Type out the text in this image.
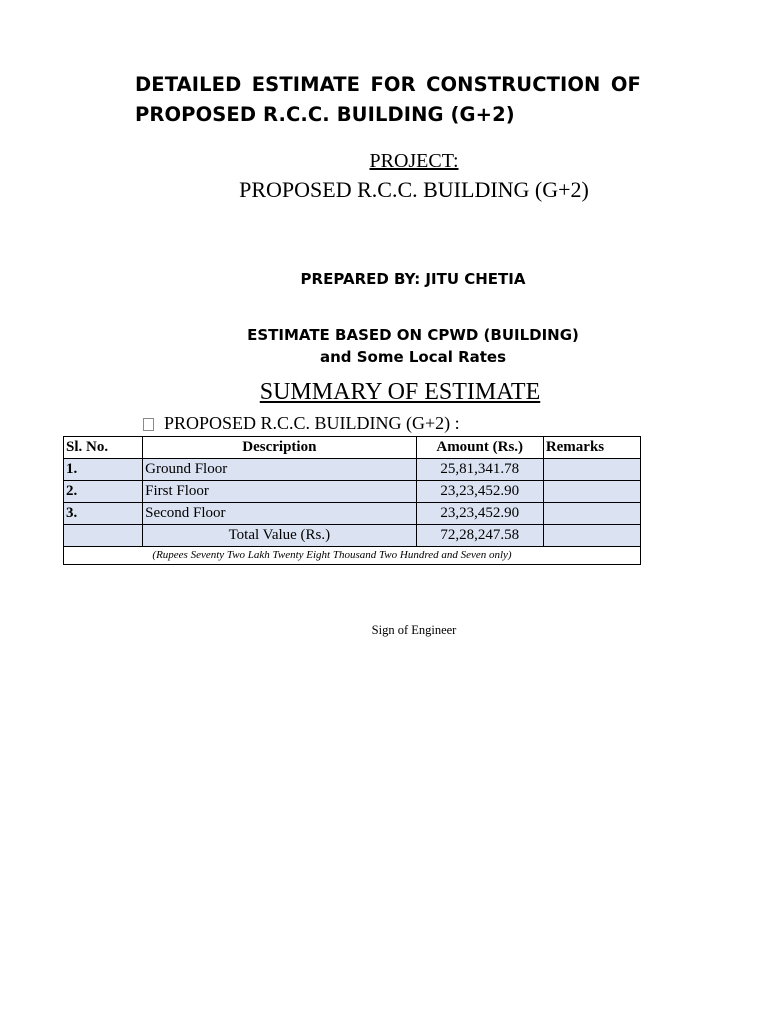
DETAILED ESTIMATE FOR CONSTRUCTION OF
PROPOSED R.C.C. BUILDING (G+2)
PROJECT:
PROPOSED R.C.C. BUILDING (G+2)
PREPARED BY: JITU CHETIA
ESTIMATE BASED ON CPWD (BUILDING)
and Some Local Rates
SUMMARY OF ESTIMATE
PROPOSED R.C.C. BUILDING (G+2) :
Sl. No.	Description	Amount (Rs.)	Remarks
1.	Ground Floor	25,81,341.78	
2.	First Floor	23,23,452.90	
3.	Second Floor	23,23,452.90	
	Total Value (Rs.)	72,28,247.58	
(Rupees Seventy Two Lakh Twenty Eight Thousand Two Hundred and Seven only)			
Sign of Engineer
